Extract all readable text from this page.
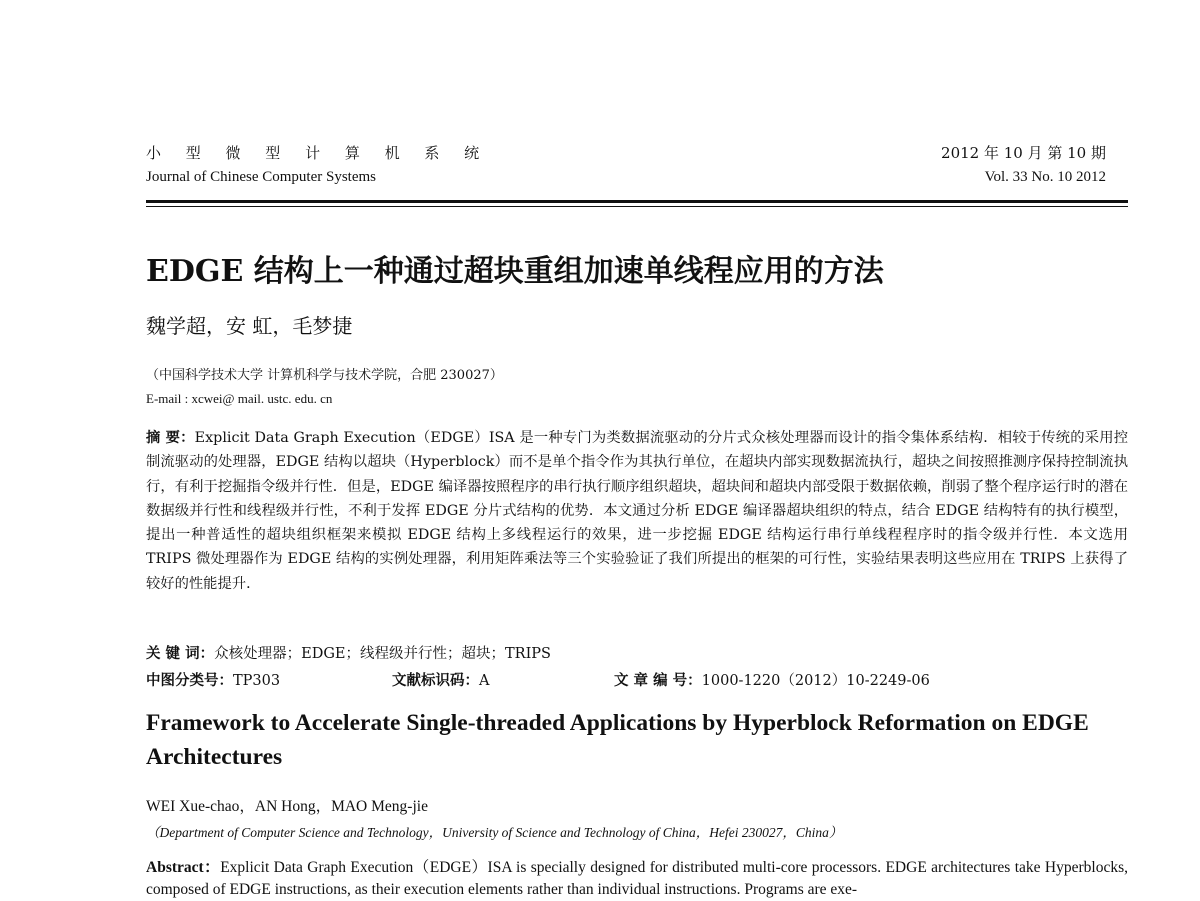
小 型 微 型 计 算 机 系 统
Journal of Chinese Computer Systems
2012 年 10 月 第 10 期
Vol. 33 No. 10 2012
EDGE 结构上一种通过超块重组加速单线程应用的方法
魏学超，安 虹，毛梦捷
（中国科学技术大学 计算机科学与技术学院，合肥 230027）
E-mail : xcwei@ mail. ustc. edu. cn

摘 要：Explicit Data Graph Execution（EDGE）ISA 是一种专门为类数据流驱动的分片式众核处理器而设计的指令集体系结构．相较于传统的采用控制流驱动的处理器，EDGE 结构以超块（Hyperblock）而不是单个指令作为其执行单位，在超块内部实现数据流执行，超块之间按照推测序保持控制流执行，有利于挖掘指令级并行性．但是，EDGE 编译器按照程序的串行执行顺序组织超块，超块间和超块内部受限于数据依赖，削弱了整个程序运行时的潜在数据级并行性和线程级并行性，不利于发挥 EDGE 分片式结构的优势．本文通过分析 EDGE 编译器超块组织的特点，结合 EDGE 结构特有的执行模型，提出一种普适性的超块组织框架来模拟 EDGE 结构上多线程运行的效果，进一步挖掘 EDGE 结构运行串行单线程程序时的指令级并行性．本文选用 TRIPS 微处理器作为 EDGE 结构的实例处理器，利用矩阵乘法等三个实验验证了我们所提出的框架的可行性，实验结果表明这些应用在 TRIPS 上获得了较好的性能提升．

关 键 词：众核处理器；EDGE；线程级并行性；超块；TRIPS
中图分类号：TP303	文献标识码：A	文 章 编 号：1000-1220（2012）10-2249-06
Framework to Accelerate Single-threaded Applications by Hyperblock Reformation on EDGE Architectures
WEI Xue-chao，AN Hong，MAO Meng-jie
（Department of Computer Science and Technology，University of Science and Technology of China，Hefei 230027，China）
Abstract：Explicit Data Graph Execution（EDGE）ISA is specially designed for distributed multi-core processors. EDGE architectures take Hyperblocks, composed of EDGE instructions, as their execution elements rather than individual instructions. Programs are exe-
